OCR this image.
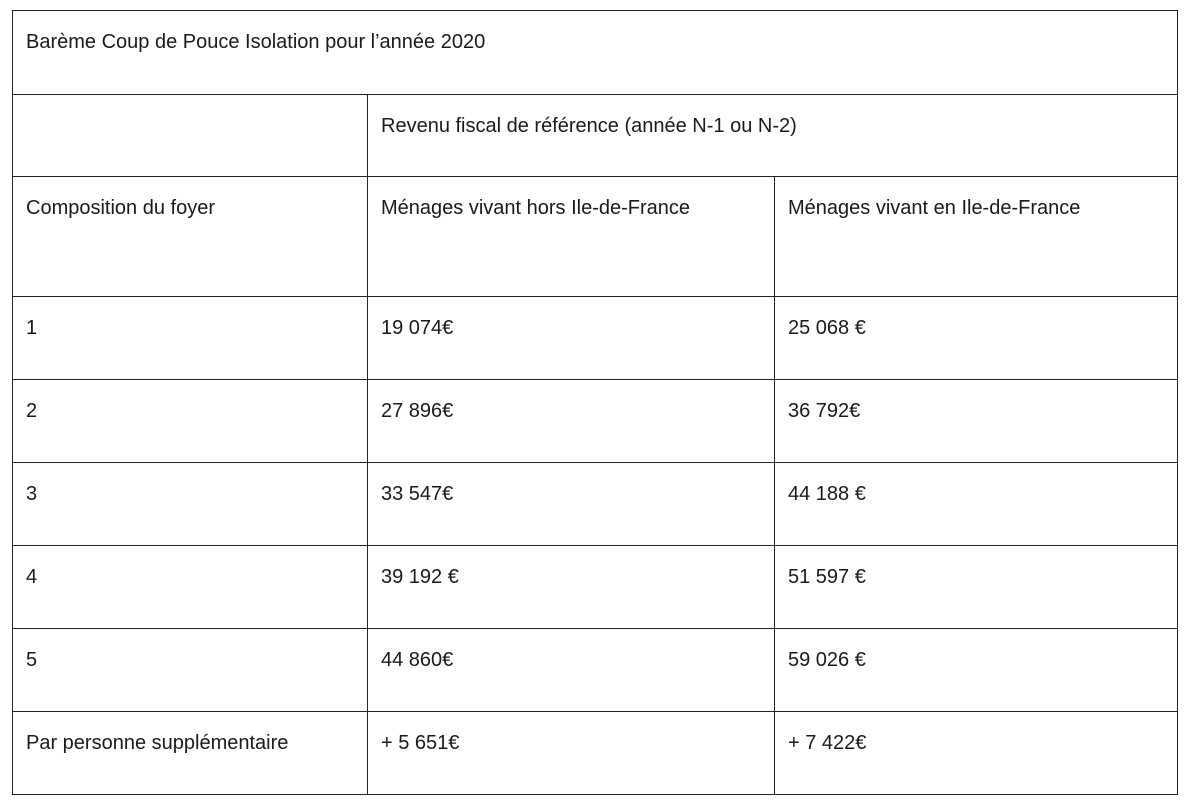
Barème Coup de Pouce Isolation pour l’année 2020		
	Revenu fiscal de référence (année N-1 ou N-2)	
Composition du foyer	Ménages vivant hors Ile-de-France	Ménages vivant en Ile-de-France
1	19 074€	25 068 €
2	27 896€	36 792€
3	33 547€	44 188 €
4	39 192 €	51 597 €
5	44 860€	59 026 €
Par personne supplémentaire	+ 5 651€	+ 7 422€
